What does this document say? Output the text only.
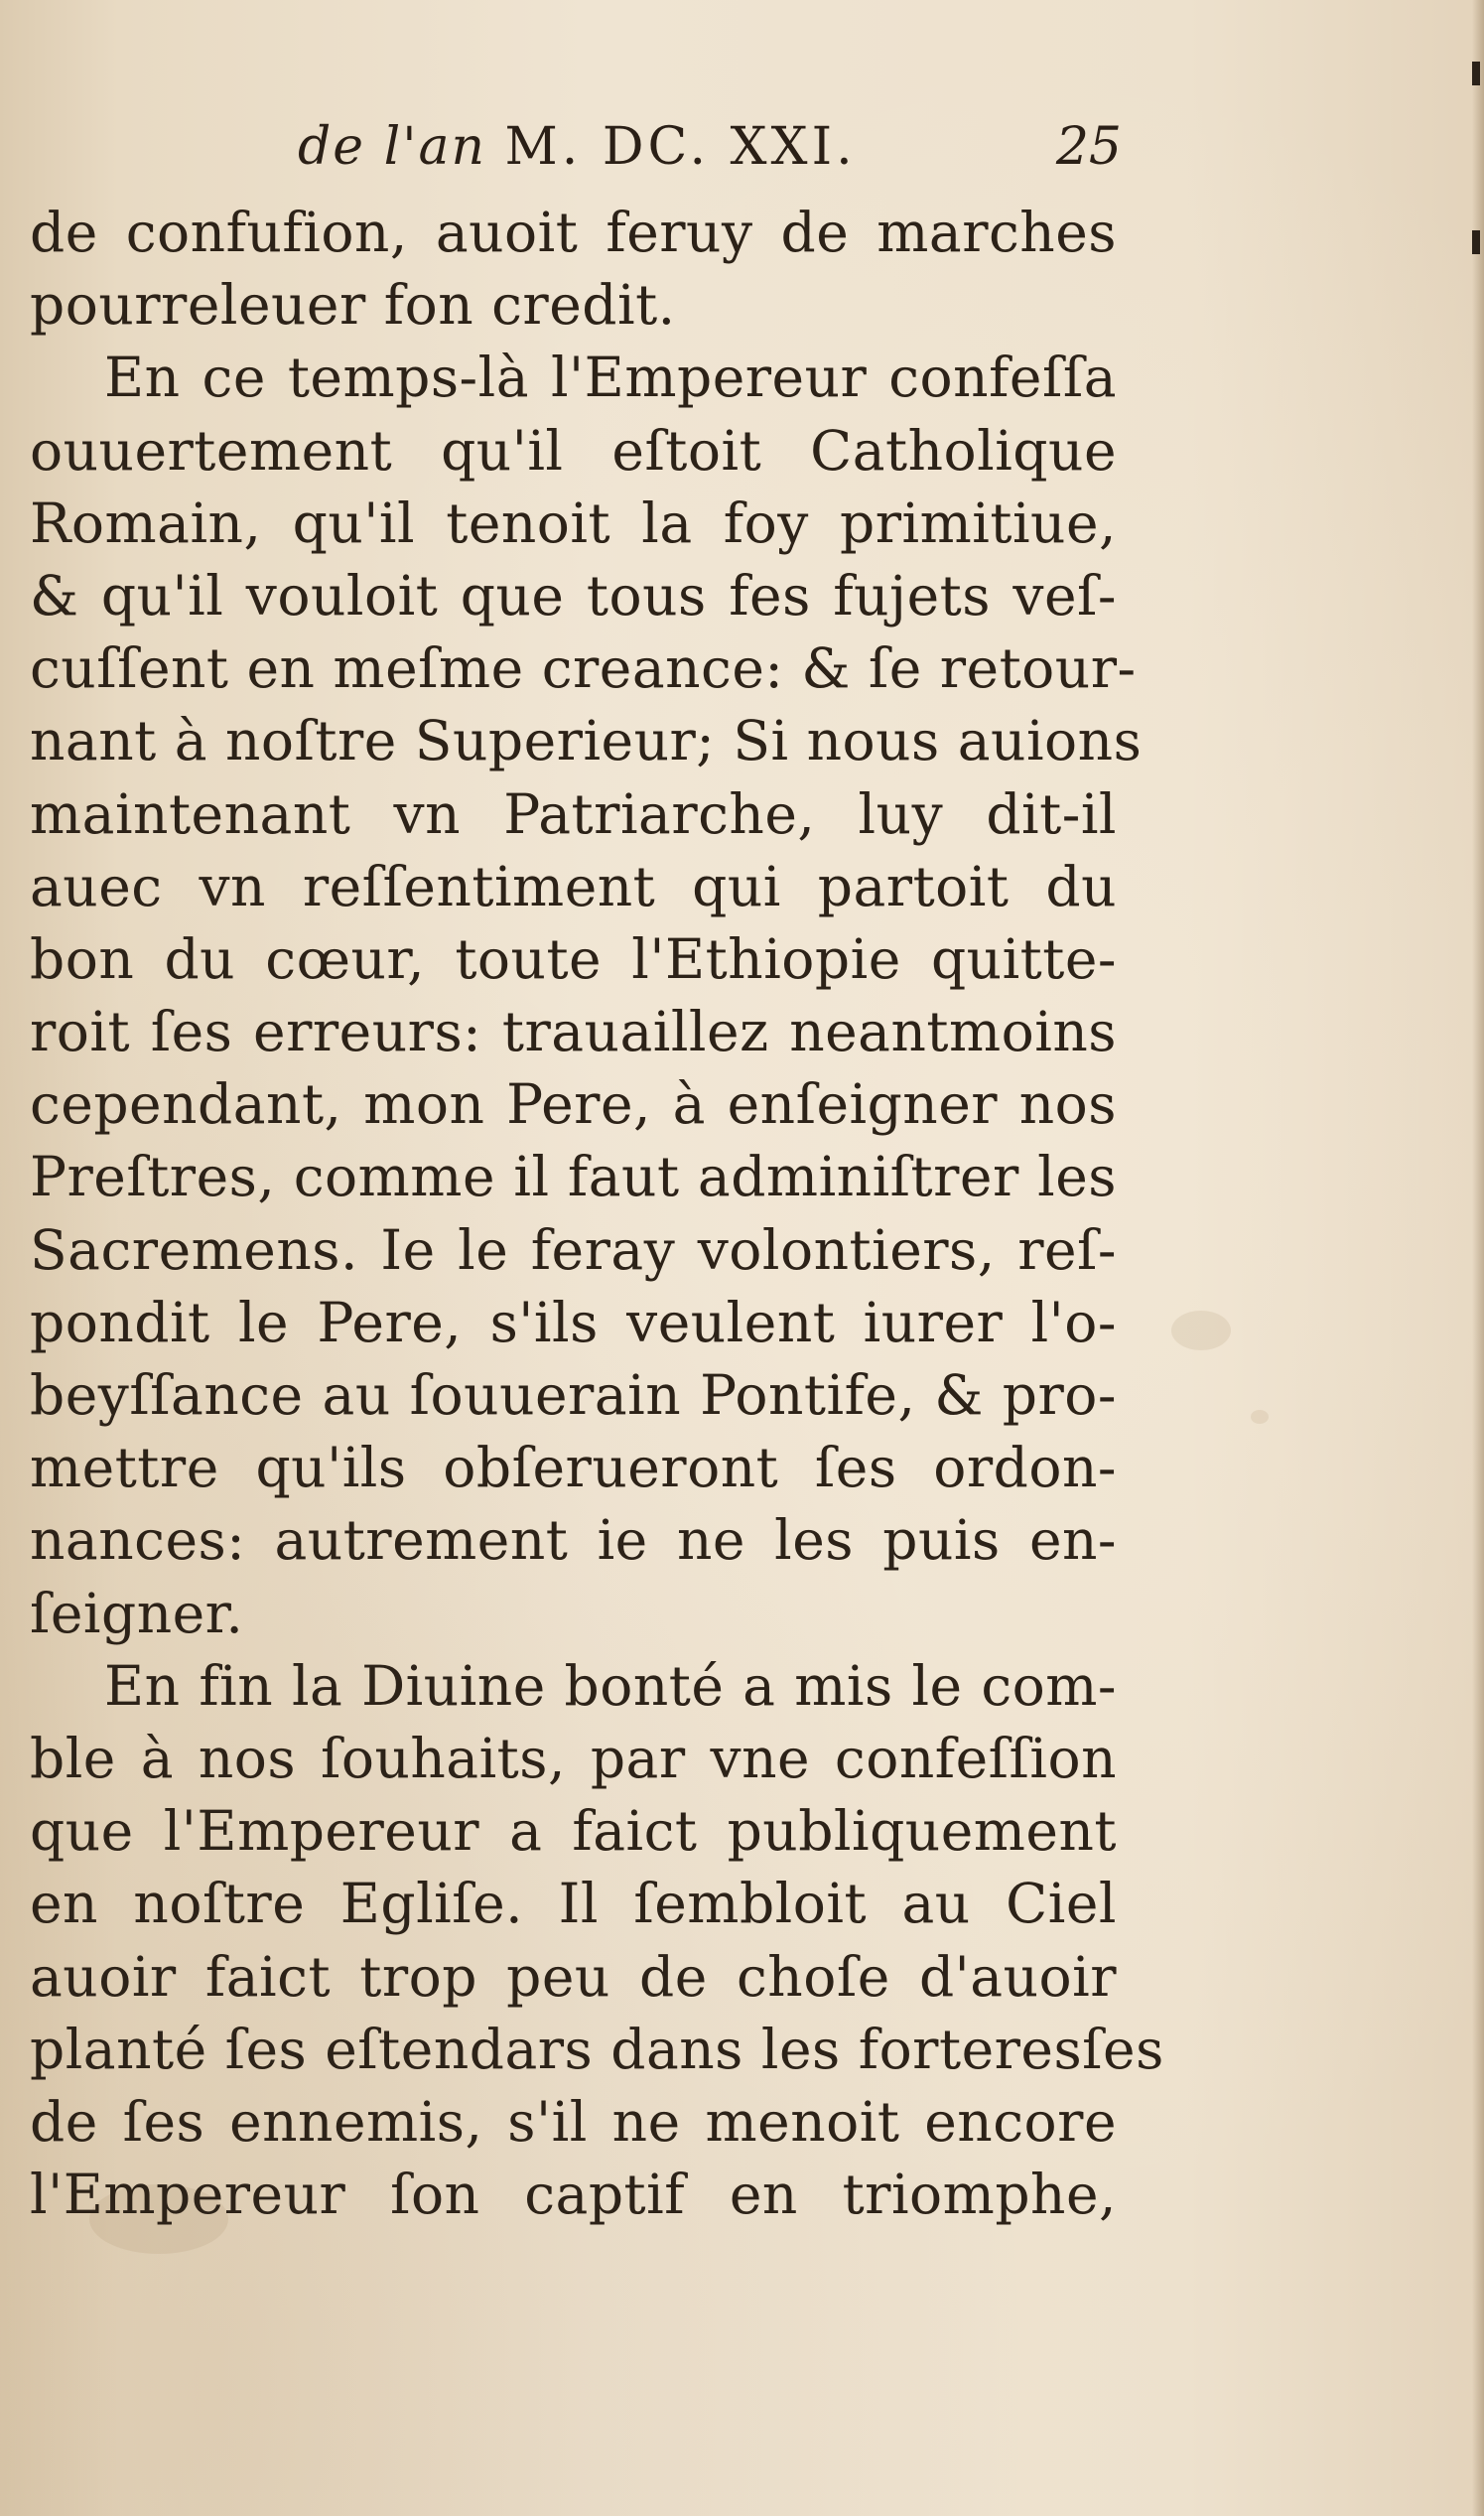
de l'an M. DC. XXI.	25
de confufion, auoit feruy de marches
pourreleuer fon credit.
En ce temps-là l'Empereur confeſſa
ouuertement qu'il eſtoit Catholique
Romain, qu'il tenoit la foy primitiue,
& qu'il vouloit que tous fes fujets veſ-
cuſſent en meſme creance: & ſe retour-
nant à noſtre Superieur; Si nous auions
maintenant vn Patriarche, luy dit-il
auec vn reſſentiment qui partoit du
bon du cœur, toute l'Ethiopie quitte-
roit ſes erreurs: trauaillez neantmoins
cependant, mon Pere, à enſeigner nos
Preſtres, comme il faut adminiſtrer les
Sacremens. Ie le feray volontiers, reſ-
pondit le Pere, s'ils veulent iurer l'o-
beyſſance au ſouuerain Pontife, & pro-
mettre qu'ils obſerueront ſes ordon-
nances: autrement ie ne les puis en-
ſeigner.
En fin la Diuine bonté a mis le com-
ble à nos ſouhaits, par vne confeſſion
que l'Empereur a faict publiquement
en noſtre Egliſe. Il ſembloit au Ciel
auoir faict trop peu de choſe d'auoir
planté ſes eſtendars dans les forteresſes
de ſes ennemis, s'il ne menoit encore
l'Empereur ſon captif en triomphe,
